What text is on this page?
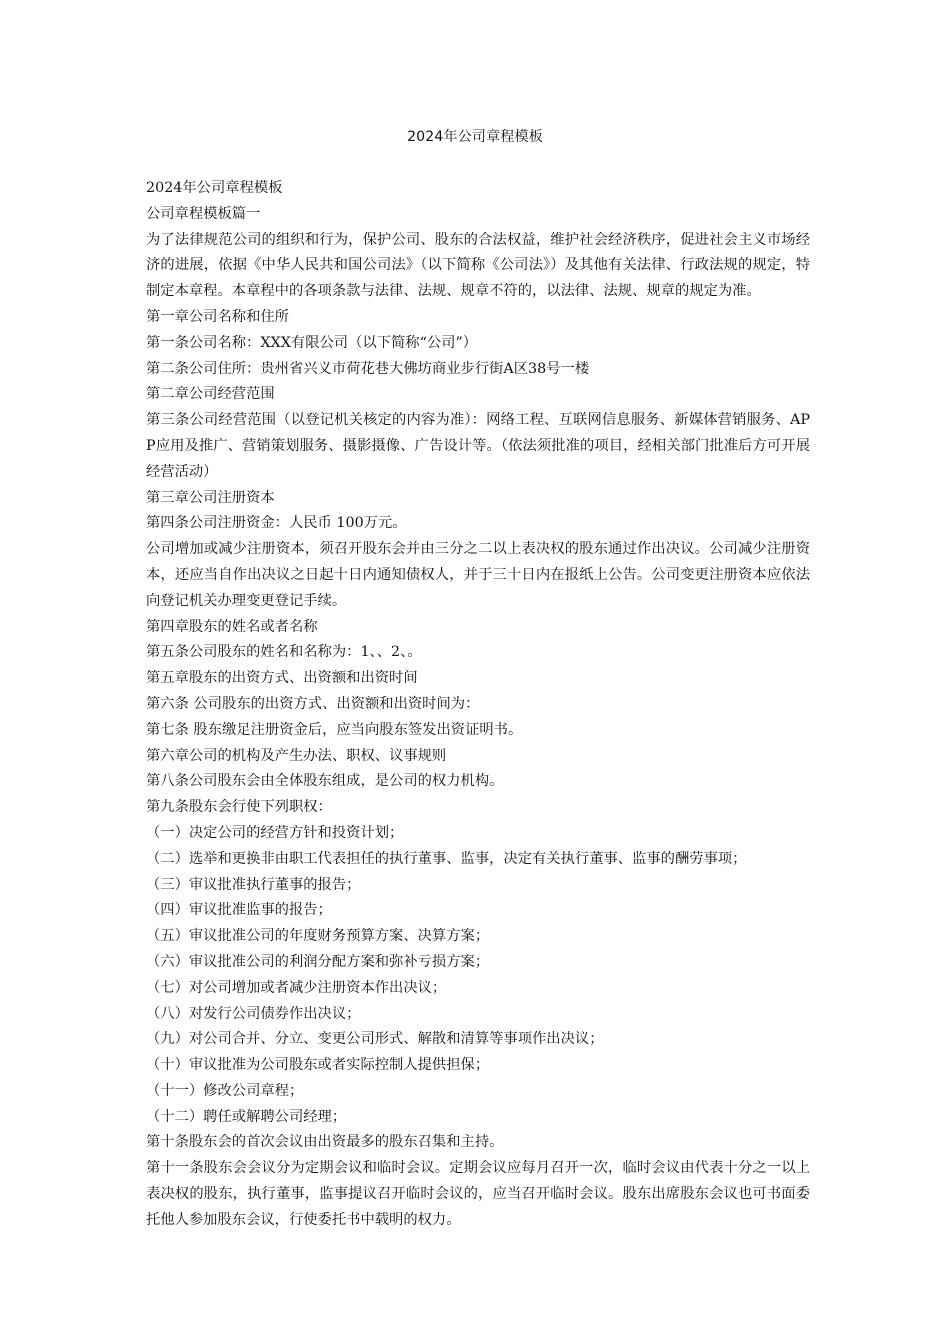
2024年公司章程模板
2024年公司章程模板
公司章程模板篇一
为了法律规范公司的组织和行为，保护公司、股东的合法权益，维护社会经济秩序，促进社会主义市场经济的进展，依据《中华人民共和国公司法》（以下简称《公司法》）及其他有关法律、行政法规的规定，特制定本章程。本章程中的各项条款与法律、法规、规章不符的，以法律、法规、规章的规定为准。
第一章公司名称和住所
第一条公司名称：XXX有限公司（以下简称“公司”）
第二条公司住所：贵州省兴义市荷花巷大佛坊商业步行街A区38号一楼
第二章公司经营范围
第三条公司经营范围（以登记机关核定的内容为准）：网络工程、互联网信息服务、新媒体营销服务、APP应用及推广、营销策划服务、摄影摄像、广告设计等。（依法须批准的项目，经相关部门批准后方可开展经营活动）
第三章公司注册资本
第四条公司注册资金：人民币 100万元。
公司增加或减少注册资本，须召开股东会并由三分之二以上表决权的股东通过作出决议。公司减少注册资本，还应当自作出决议之日起十日内通知债权人，并于三十日内在报纸上公告。公司变更注册资本应依法向登记机关办理变更登记手续。
第四章股东的姓名或者名称
第五条公司股东的姓名和名称为：1、、2、。
第五章股东的出资方式、出资额和出资时间
第六条 公司股东的出资方式、出资额和出资时间为：
第七条 股东缴足注册资金后，应当向股东签发出资证明书。
第六章公司的机构及产生办法、职权、议事规则
第八条公司股东会由全体股东组成，是公司的权力机构。
第九条股东会行使下列职权：
（一）决定公司的经营方针和投资计划；
（二）选举和更换非由职工代表担任的执行董事、监事，决定有关执行董事、监事的酬劳事项；
（三）审议批准执行董事的报告；
（四）审议批准监事的报告；
（五）审议批准公司的年度财务预算方案、决算方案；
（六）审议批准公司的利润分配方案和弥补亏损方案；
（七）对公司增加或者减少注册资本作出决议；
（八）对发行公司债券作出决议；
（九）对公司合并、分立、变更公司形式、解散和清算等事项作出决议；
（十）审议批准为公司股东或者实际控制人提供担保；
（十一）修改公司章程；
（十二）聘任或解聘公司经理；
第十条股东会的首次会议由出资最多的股东召集和主持。
第十一条股东会会议分为定期会议和临时会议。定期会议应每月召开一次，临时会议由代表十分之一以上表决权的股东，执行董事，监事提议召开临时会议的，应当召开临时会议。股东出席股东会议也可书面委托他人参加股东会议，行使委托书中载明的权力。
